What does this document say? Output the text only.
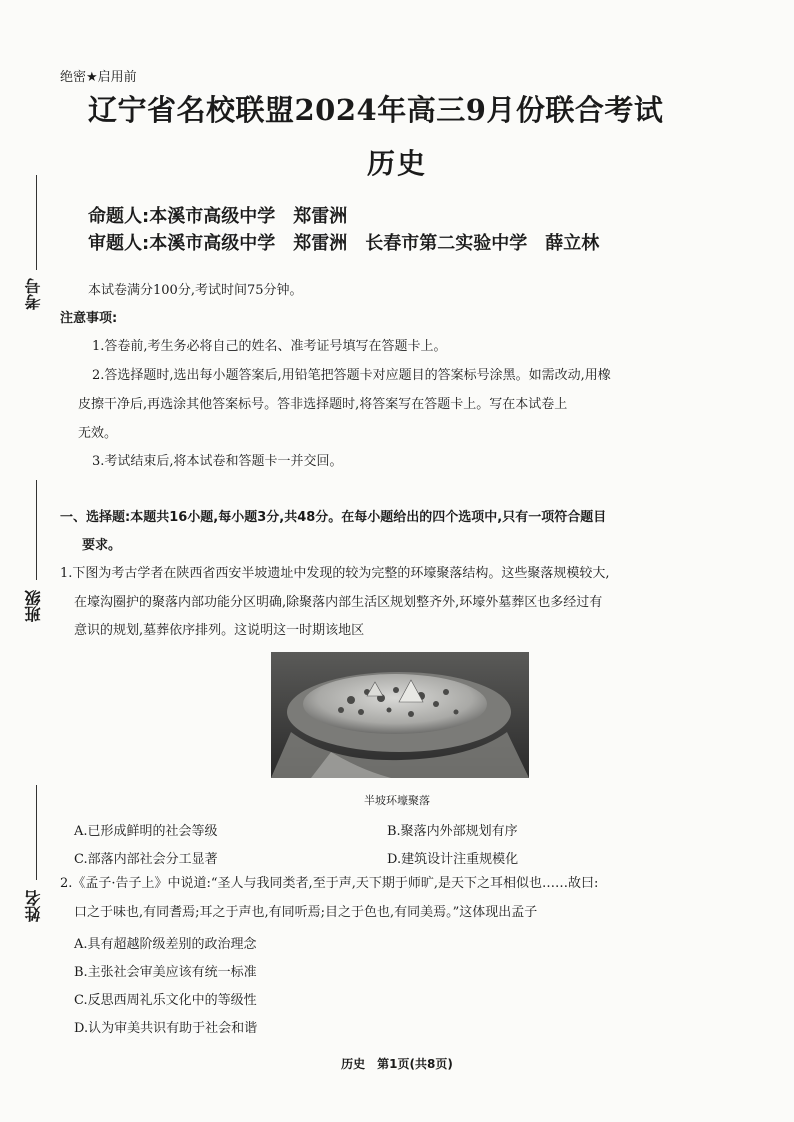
绝密★启用前
辽宁省名校联盟2024年高三9月份联合考试
历史
命题人:本溪市高级中学　郑雷洲
审题人:本溪市高级中学　郑雷洲　长春市第二实验中学　薛立林
考号
班级
姓名
本试卷满分100分,考试时间75分钟。
注意事项:
1.答卷前,考生务必将自己的姓名、准考证号填写在答题卡上。
2.答选择题时,选出每小题答案后,用铅笔把答题卡对应题目的答案标号涂黑。如需改动,用橡
皮擦干净后,再选涂其他答案标号。答非选择题时,将答案写在答题卡上。写在本试卷上
无效。
3.考试结束后,将本试卷和答题卡一并交回。
一、选择题:本题共16小题,每小题3分,共48分。在每小题给出的四个选项中,只有一项符合题目
要求。
1.下图为考古学者在陕西省西安半坡遗址中发现的较为完整的环壕聚落结构。这些聚落规模较大,
在壕沟圈护的聚落内部功能分区明确,除聚落内部生活区规划整齐外,环壕外墓葬区也多经过有
意识的规划,墓葬依序排列。这说明这一时期该地区
半坡环壕聚落
A.已形成鲜明的社会等级	B.聚落内外部规划有序
C.部落内部社会分工显著	D.建筑设计注重规模化
2.《孟子·告子上》中说道:“圣人与我同类者,至于声,天下期于师旷,是天下之耳相似也……故曰:
口之于味也,有同耆焉;耳之于声也,有同听焉;目之于色也,有同美焉。”这体现出孟子
A.具有超越阶级差别的政治理念
B.主张社会审美应该有统一标准
C.反思西周礼乐文化中的等级性
D.认为审美共识有助于社会和谐
历史　第1页(共8页)
